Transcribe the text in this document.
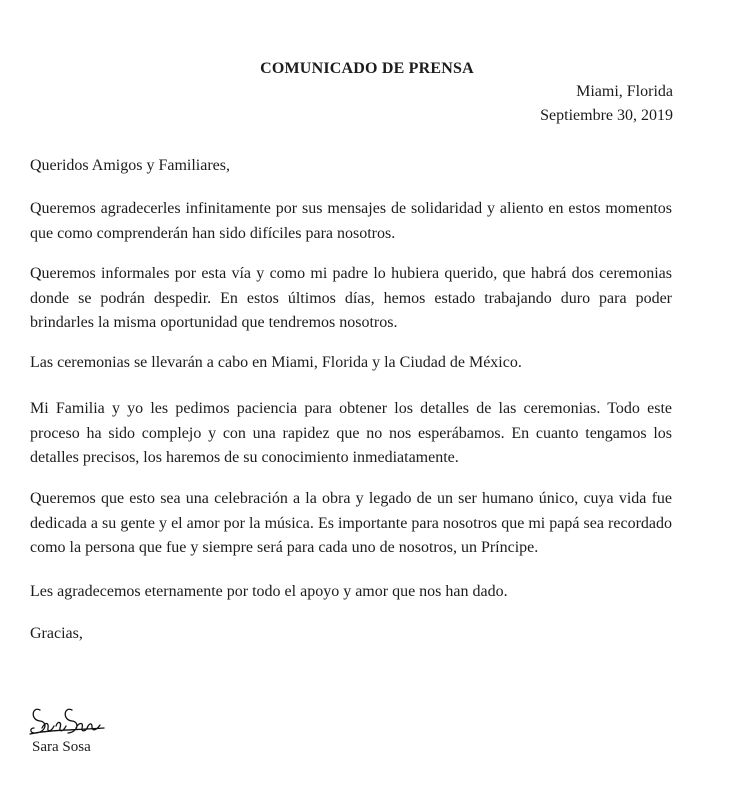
COMUNICADO DE PRENSA
Miami, Florida
Septiembre 30, 2019
Queridos Amigos y Familiares,
Queremos agradecerles infinitamente por sus mensajes de solidaridad y aliento en estos momentos que como comprenderán han sido difíciles para nosotros.
Queremos informales por esta vía y como mi padre lo hubiera querido, que habrá dos ceremonias donde se podrán despedir. En estos últimos días, hemos estado trabajando duro para poder brindarles la misma oportunidad que tendremos nosotros.
Las ceremonias se llevarán a cabo en Miami, Florida y la Ciudad de México.
Mi Familia y yo les pedimos paciencia para obtener los detalles de las ceremonias. Todo este proceso ha sido complejo y con una rapidez que no nos esperábamos. En cuanto tengamos los detalles precisos, los haremos de su conocimiento inmediatamente.
Queremos que esto sea una celebración a la obra y legado de un ser humano único, cuya vida fue dedicada a su gente y el amor por la música. Es importante para nosotros que mi papá sea recordado como la persona que fue y siempre será para cada uno de nosotros, un Príncipe.
Les agradecemos eternamente por todo el apoyo y amor que nos han dado.
Gracias,
Sara Sosa
